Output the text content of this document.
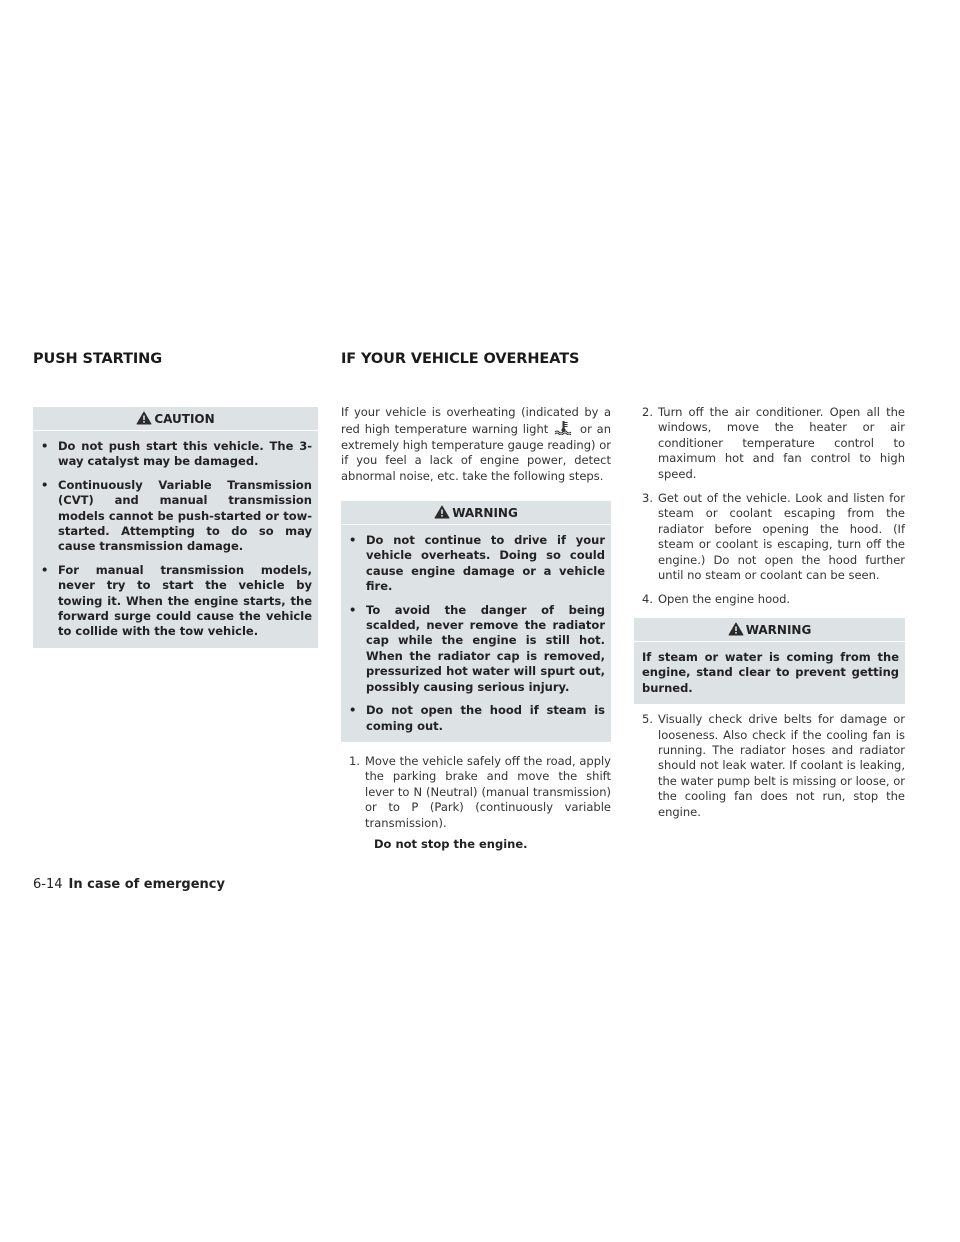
PUSH STARTING	IF YOUR VEHICLE OVERHEATS
CAUTION
• Do not push start this vehicle. The 3-way catalyst may be damaged.
• Continuously Variable Transmission (CVT) and manual transmission models cannot be push-started or tow-started. Attempting to do so may cause transmission damage.
• For manual transmission models, never try to start the vehicle by towing it. When the engine starts, the forward surge could cause the vehicle to collide with the tow vehicle.

If your vehicle is overheating (indicated by a red high temperature warning light	or an extremely high temperature gauge reading) or if you feel a lack of engine power, detect abnormal noise, etc. take the following steps.

WARNING
• Do not continue to drive if your vehicle overheats. Doing so could cause engine damage or a vehicle fire.
• To avoid the danger of being scalded, never remove the radiator cap while the engine is still hot. When the radiator cap is removed, pressurized hot water will spurt out, possibly causing serious injury.
• Do not open the hood if steam is coming out.
1. Move the vehicle safely off the road, apply the parking brake and move the shift lever to N (Neutral) (manual transmission) or to P (Park) (continuously variable transmission).

Do not stop the engine.

2. Turn off the air conditioner. Open all the windows, move the heater or air conditioner temperature control to maximum hot and fan control to high speed.
3. Get out of the vehicle. Look and listen for steam or coolant escaping from the radiator before opening the hood. (If steam or coolant is escaping, turn off the engine.) Do not open the hood further until no steam or coolant can be seen.
4. Open the engine hood.
WARNING

If steam or water is coming from the engine, stand clear to prevent getting burned.

5. Visually check drive belts for damage or looseness. Also check if the cooling fan is running. The radiator hoses and radiator should not leak water. If coolant is leaking, the water pump belt is missing or loose, or the cooling fan does not run, stop the engine.

6-14 In case of emergency
